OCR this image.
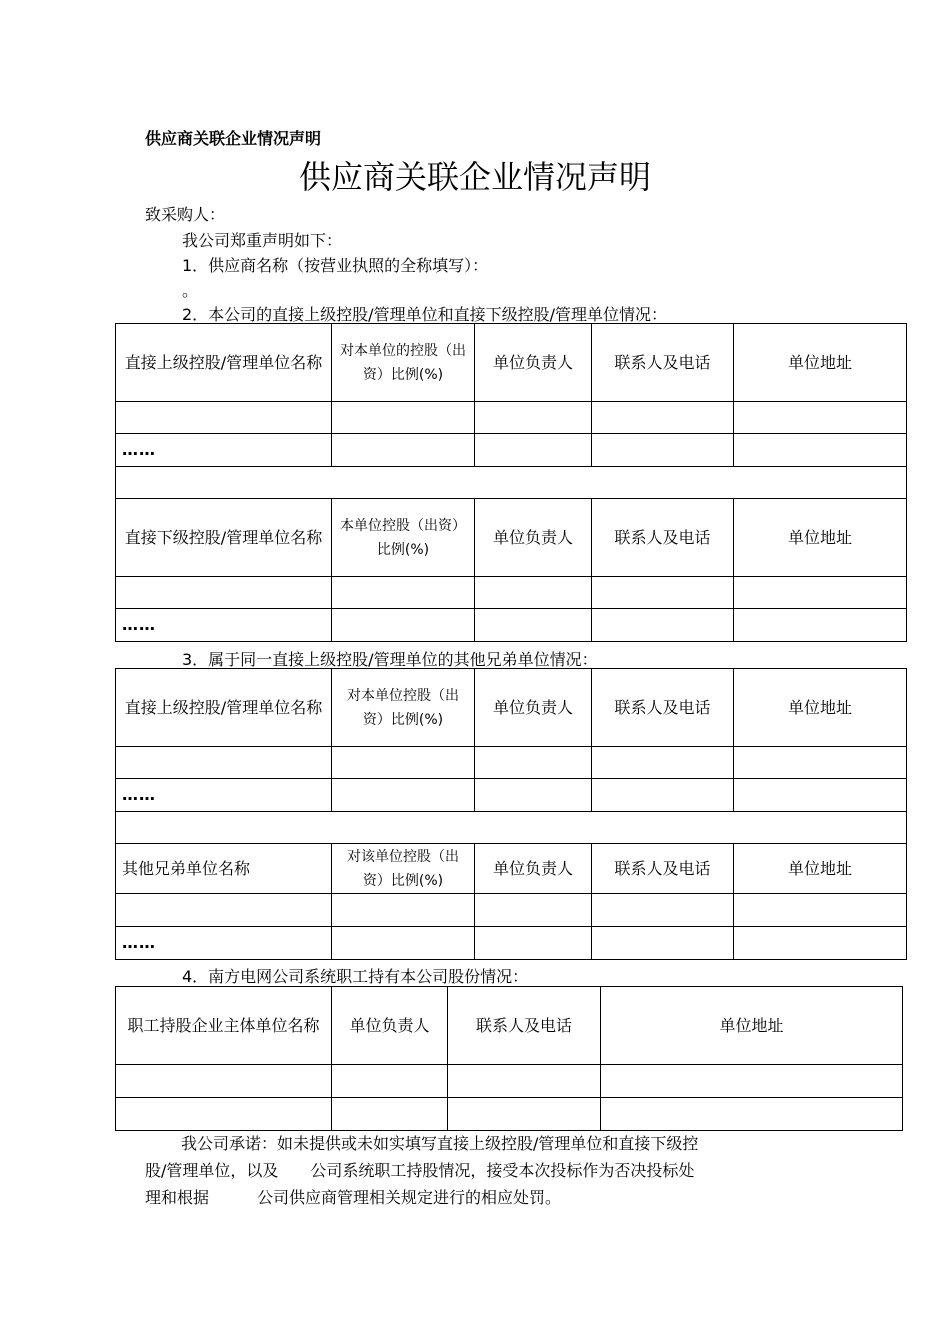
供应商关联企业情况声明
供应商关联企业情况声明
致采购人：
我公司郑重声明如下：
1．供应商名称（按营业执照的全称填写）：
。
2．本公司的直接上级控股/管理单位和直接下级控股/管理单位情况：
直接上级控股/管理单位名称	对本单位的控股（出资）比例(%)	单位负责人	联系人及电话	单位地址

……				

直接下级控股/管理单位名称	本单位控股（出资）比例(%)	单位负责人	联系人及电话	单位地址

……				
3．属于同一直接上级控股/管理单位的其他兄弟单位情况：
直接上级控股/管理单位名称	对本单位控股（出资）比例(%)	单位负责人	联系人及电话	单位地址

……				

其他兄弟单位名称	对该单位控股（出资）比例(%)	单位负责人	联系人及电话	单位地址

……				
4．南方电网公司系统职工持有本公司股份情况：
职工持股企业主体单位名称	单位负责人	联系人及电话	单位地址

我公司承诺：如未提供或未如实填写直接上级控股/管理单位和直接下级控
股/管理单位，以及　　公司系统职工持股情况，接受本次投标作为否决投标处
理和根据　　　公司供应商管理相关规定进行的相应处罚。
